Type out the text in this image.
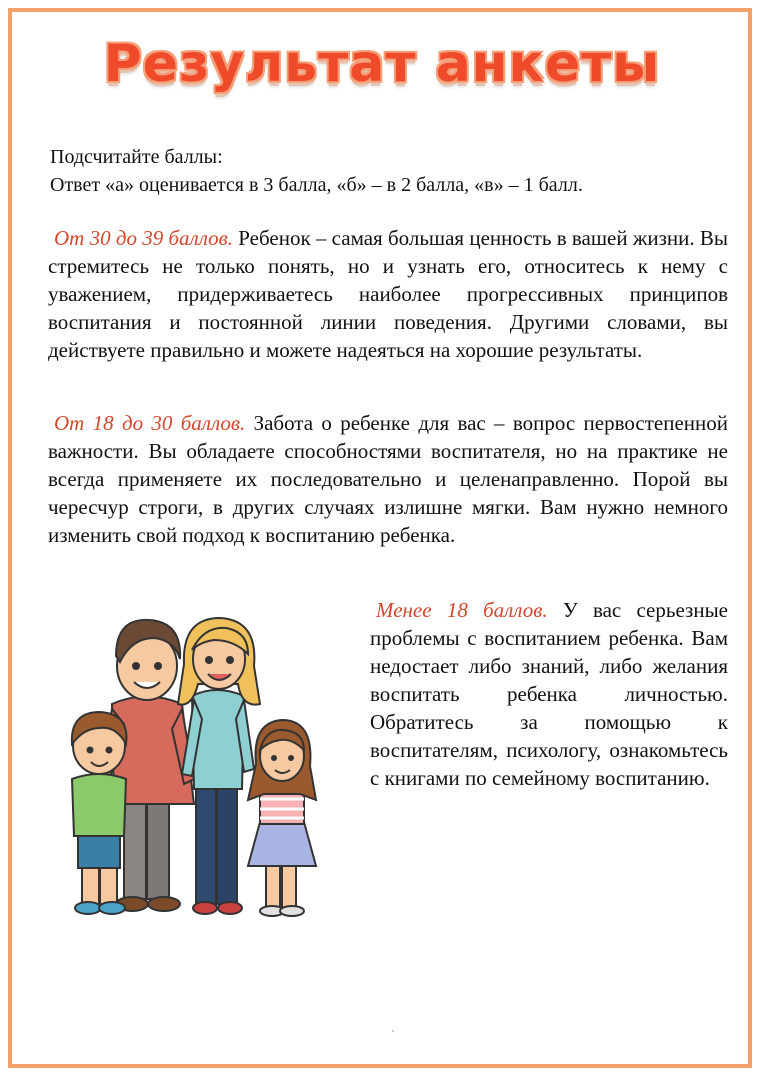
Результат анкеты
Подсчитайте баллы:
Ответ «а» оценивается в 3 балла, «б» – в 2 балла, «в» – 1 балл.
От 30 до 39 баллов. Ребенок – самая большая ценность в вашей жизни. Вы стремитесь не только понять, но и узнать его, относитесь к нему с уважением, придерживаетесь наиболее прогрессивных принципов воспитания и постоянной линии поведения. Другими словами, вы действуете правильно и можете надеяться на хорошие результаты.
От 18 до 30 баллов. Забота о ребенке для вас – вопрос первостепенной важности. Вы обладаете способностями воспитателя, но на практике не всегда применяете их последовательно и целенаправленно. Порой вы чересчур строги, в других случаях излишне мягки. Вам нужно немного изменить свой подход к воспитанию ребенка.
Менее 18 баллов. У вас серьезные проблемы с воспитанием ребенка. Вам недостает либо знаний, либо желания воспитать ребенка личностью. Обратитесь за помощью к воспитателям, психологу, ознакомьтесь с книгами по семейному воспитанию.
